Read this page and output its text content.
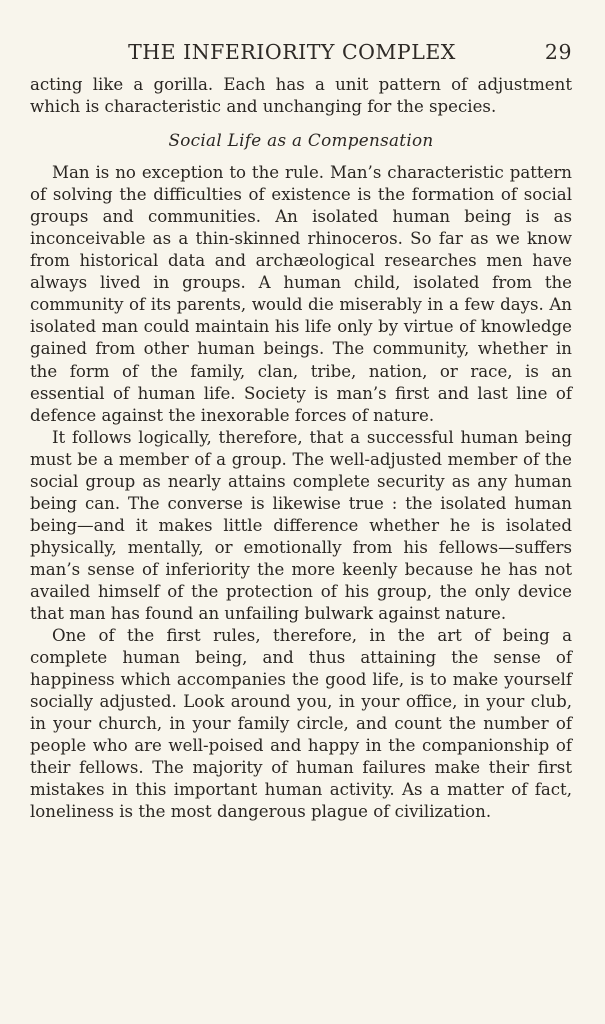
THE INFERIORITY COMPLEX	29

acting like a gorilla. Each has a unit pattern of adjustment which is characteristic and unchanging for the species.

Social Life as a Compensation

Man is no exception to the rule. Man’s characteristic pattern of solving the difficulties of existence is the formation of social groups and communities. An isolated human being is as inconceivable as a thin-skinned rhinoceros. So far as we know from historical data and archæological researches men have always lived in groups. A human child, isolated from the community of its parents, would die miserably in a few days. An isolated man could maintain his life only by virtue of knowledge gained from other human beings. The community, whether in the form of the family, clan, tribe, nation, or race, is an essential of human life. Society is man’s first and last line of defence against the inexorable forces of nature.

It follows logically, therefore, that a successful human being must be a member of a group. The well-adjusted member of the social group as nearly attains complete security as any human being can. The converse is likewise true : the isolated human being—and it makes little difference whether he is isolated physically, mentally, or emotionally from his fellows—suffers man’s sense of inferiority the more keenly because he has not availed himself of the protection of his group, the only device that man has found an unfailing bulwark against nature.

One of the first rules, therefore, in the art of being a complete human being, and thus attaining the sense of happiness which accompanies the good life, is to make yourself socially adjusted. Look around you, in your office, in your club, in your church, in your family circle, and count the number of people who are well-poised and happy in the companionship of their fellows. The majority of human failures make their first mistakes in this important human activity. As a matter of fact, loneliness is the most dangerous plague of civilization.
